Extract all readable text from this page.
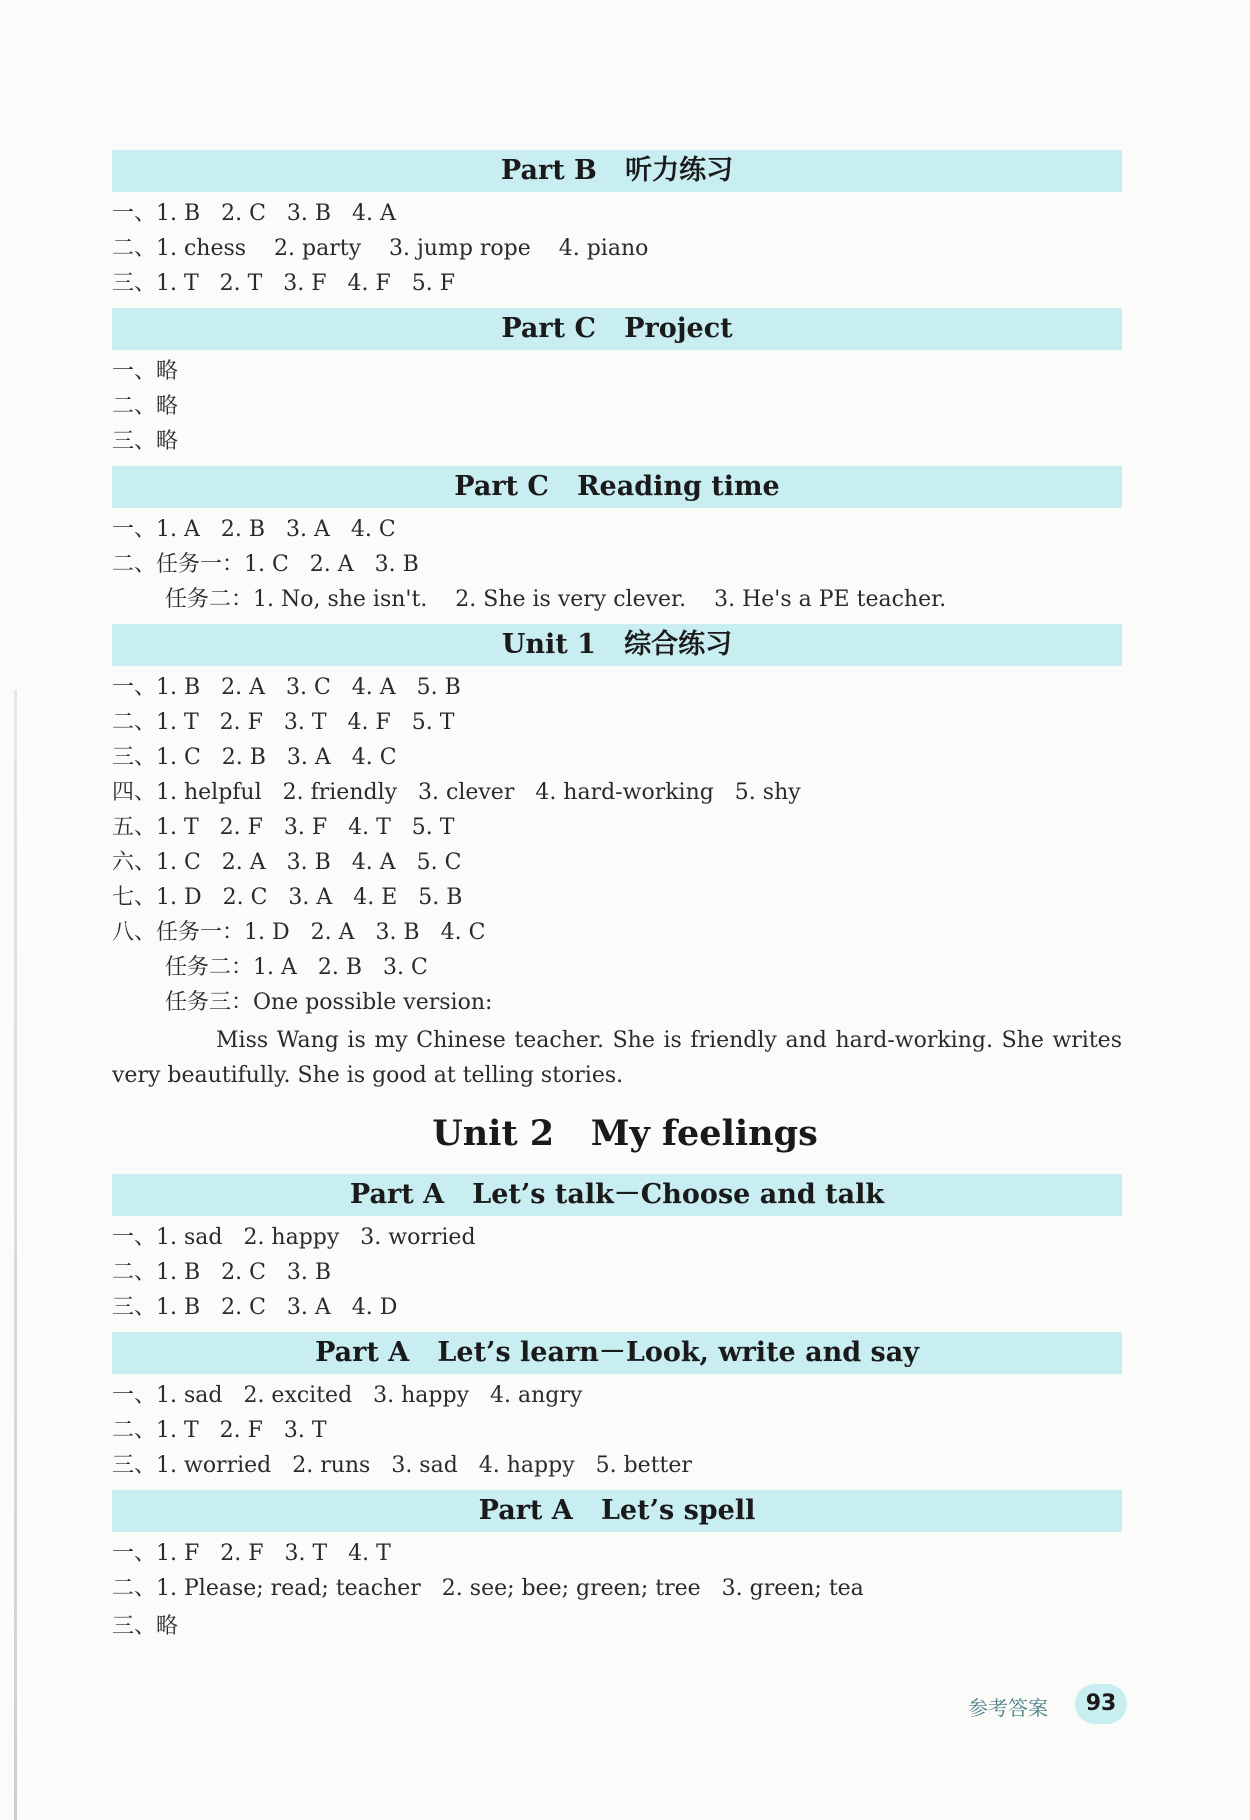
Part B   听力练习
一、1. B   2. C   3. B   4. A
二、1. chess    2. party    3. jump rope    4. piano
三、1. T   2. T   3. F   4. F   5. F
Part C   Project
一、略
二、略
三、略
Part C   Reading time
一、1. A   2. B   3. A   4. C
二、任务一：1. C   2. A   3. B
任务二：1. No, she isn't.    2. She is very clever.    3. He's a PE teacher.
Unit 1   综合练习
一、1. B   2. A   3. C   4. A   5. B
二、1. T   2. F   3. T   4. F   5. T
三、1. C   2. B   3. A   4. C
四、1. helpful   2. friendly   3. clever   4. hard-working   5. shy
五、1. T   2. F   3. F   4. T   5. T
六、1. C   2. A   3. B   4. A   5. C
七、1. D   2. C   3. A   4. E   5. B
八、任务一：1. D   2. A   3. B   4. C
任务二：1. A   2. B   3. C
任务三：One possible version:
Miss Wang is my Chinese teacher. She is friendly and hard-working. She writes very beautifully. She is good at telling stories.
Unit 2   My feelings
Part A   Let’s talk－Choose and talk
一、1. sad   2. happy   3. worried
二、1. B   2. C   3. B
三、1. B   2. C   3. A   4. D
Part A   Let’s learn－Look, write and say
一、1. sad   2. excited   3. happy   4. angry
二、1. T   2. F   3. T
三、1. worried   2. runs   3. sad   4. happy   5. better
Part A   Let’s spell
一、1. F   2. F   3. T   4. T
二、1. Please; read; teacher   2. see; bee; green; tree   3. green; tea
三、略
参考答案	93
